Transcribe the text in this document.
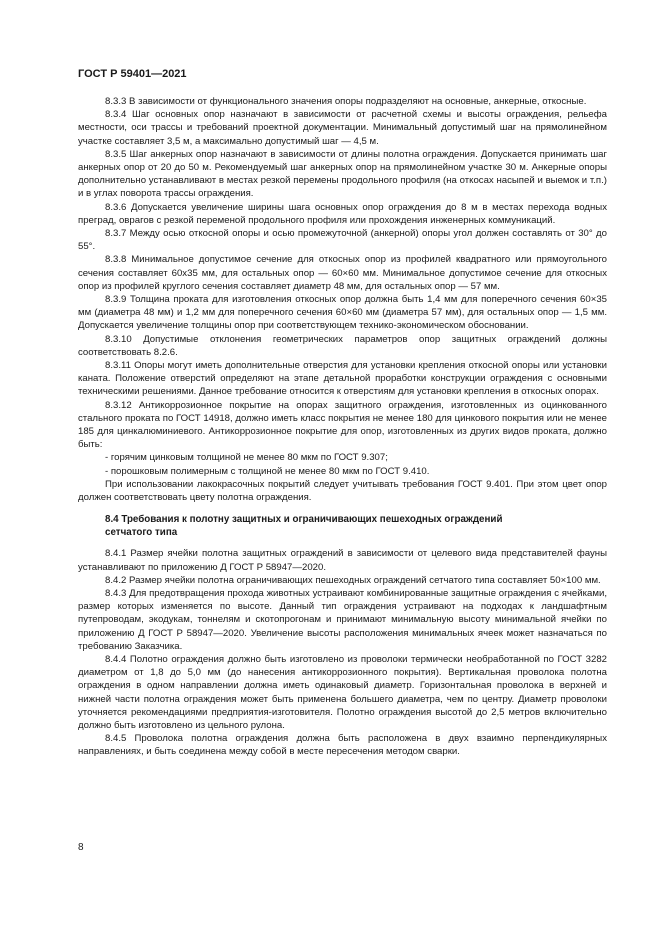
ГОСТ Р 59401—2021

8.3.3 В зависимости от функционального значения опоры подразделяют на основные, анкерные, откосные.

8.3.4 Шаг основных опор назначают в зависимости от расчетной схемы и высоты ограждения, рельефа местности, оси трассы и требований проектной документации. Минимальный допустимый шаг на прямолинейном участке составляет 3,5 м, а максимально допустимый шаг — 4,5 м.

8.3.5 Шаг анкерных опор назначают в зависимости от длины полотна ограждения. Допускается принимать шаг анкерных опор от 20 до 50 м. Рекомендуемый шаг анкерных опор на прямолинейном участке 30 м. Анкерные опоры дополнительно устанавливают в местах резкой перемены продольного профиля (на откосах насыпей и выемок и т.п.) и в углах поворота трассы ограждения.

8.3.6 Допускается увеличение ширины шага основных опор ограждения до 8 м в местах перехода водных преград, оврагов с резкой переменой продольного профиля или прохождения инженерных коммуникаций.

8.3.7 Между осью откосной опоры и осью промежуточной (анкерной) опоры угол должен составлять от 30° до 55°.

8.3.8 Минимальное допустимое сечение для откосных опор из профилей квадратного или прямоугольного сечения составляет 60х35 мм, для остальных опор — 60×60 мм. Минимальное допустимое сечение для откосных опор из профилей круглого сечения составляет диаметр 48 мм, для остальных опор — 57 мм.

8.3.9 Толщина проката для изготовления откосных опор должна быть 1,4 мм для поперечного сечения 60×35 мм (диаметра 48 мм) и 1,2 мм для поперечного сечения 60×60 мм (диаметра 57 мм), для остальных опор — 1,5 мм. Допускается увеличение толщины опор при соответствующем технико-экономическом обосновании.

8.3.10 Допустимые отклонения геометрических параметров опор защитных ограждений должны соответствовать 8.2.6.

8.3.11 Опоры могут иметь дополнительные отверстия для установки крепления откосной опоры или установки каната. Положение отверстий определяют на этапе детальной проработки конструкции ограждения с основными техническими решениями. Данное требование относится к отверстиям для установки крепления в откосных опорах.

8.3.12 Антикоррозионное покрытие на опорах защитного ограждения, изготовленных из оцинкованного стального проката по ГОСТ 14918, должно иметь класс покрытия не менее 180 для цинкового покрытия или не менее 185 для цинкалюминиевого. Антикоррозионное покрытие для опор, изготовленных из других видов проката, должно быть:

- горячим цинковым толщиной не менее 80 мкм по ГОСТ 9.307;

- порошковым полимерным с толщиной не менее 80 мкм по ГОСТ 9.410.

При использовании лакокрасочных покрытий следует учитывать требования ГОСТ 9.401. При этом цвет опор должен соответствовать цвету полотна ограждения.

8.4 Требования к полотну защитных и ограничивающих пешеходных ограждений
сетчатого типа

8.4.1 Размер ячейки полотна защитных ограждений в зависимости от целевого вида представителей фауны устанавливают по приложению Д ГОСТ Р 58947—2020.

8.4.2 Размер ячейки полотна ограничивающих пешеходных ограждений сетчатого типа составляет 50×100 мм.

8.4.3 Для предотвращения прохода животных устраивают комбинированные защитные ограждения с ячейками, размер которых изменяется по высоте. Данный тип ограждения устраивают на подходах к ландшафтным путепроводам, экодукам, тоннелям и скотопрогонам и принимают минимальную высоту минимальной ячейки по приложению Д ГОСТ Р 58947—2020. Увеличение высоты расположения минимальных ячеек может назначаться по требованию Заказчика.

8.4.4 Полотно ограждения должно быть изготовлено из проволоки термически необработанной по ГОСТ 3282 диаметром от 1,8 до 5,0 мм (до нанесения антикоррозионного покрытия). Вертикальная проволока полотна ограждения в одном направлении должна иметь одинаковый диаметр. Горизонтальная проволока в верхней и нижней части полотна ограждения может быть применена большего диаметра, чем по центру. Диаметр проволоки уточняется рекомендациями предприятия-изготовителя. Полотно ограждения высотой до 2,5 метров включительно должно быть изготовлено из цельного рулона.

8.4.5 Проволока полотна ограждения должна быть расположена в двух взаимно перпендикулярных направлениях, и быть соединена между собой в месте пересечения методом сварки.

8
